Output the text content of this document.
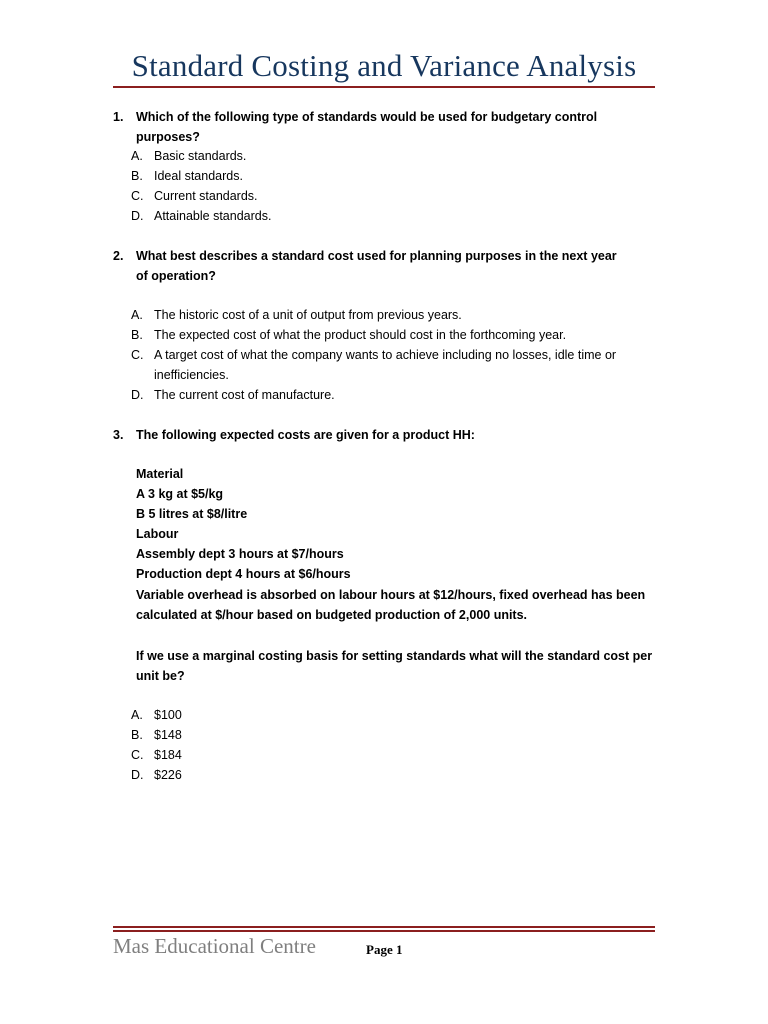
Standard Costing and Variance Analysis
1. Which of the following type of standards would be used for budgetary control purposes?
A. Basic standards.
B. Ideal standards.
C. Current standards.
D. Attainable standards.
2. What best describes a standard cost used for planning purposes in the next year of operation?
A. The historic cost of a unit of output from previous years.
B. The expected cost of what the product should cost in the forthcoming year.
C. A target cost of what the company wants to achieve including no losses, idle time or inefficiencies.
D. The current cost of manufacture.
3. The following expected costs are given for a product HH:
Material
A 3 kg at $5/kg
B 5 litres at $8/litre
Labour
Assembly dept 3 hours at $7/hours
Production dept 4 hours at $6/hours
Variable overhead is absorbed on labour hours at $12/hours, fixed overhead has been calculated at $/hour based on budgeted production of 2,000 units.
If we use a marginal costing basis for setting standards what will the standard cost per unit be?
A. $100
B. $148
C. $184
D. $226
Mas Educational Centre	Page 1
